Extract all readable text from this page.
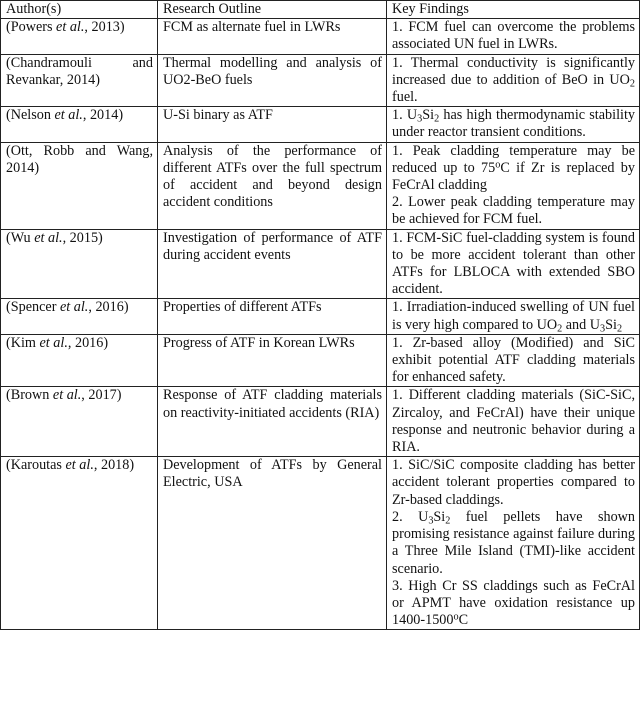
Author(s)	Research Outline	Key Findings
(Powers et al., 2013)	FCM as alternate fuel in LWRs	1. FCM fuel can overcome the problems associated UN fuel in LWRs.

(Chandramouli and Revankar, 2014)	Thermal modelling and analysis of UO2-BeO fuels	1. Thermal conductivity is significantly increased due to addition of BeO in $UO_2$ fuel.

(Nelson et al., 2014)	U-Si binary as ATF	1. $U_3Si_2$ has high thermodynamic stability under reactor transient conditions.

(Ott, Robb and Wang, 2014)	Analysis of the performance of different ATFs over the full spectrum of accident and beyond design accident conditions	1. Peak cladding temperature may be reduced up to 75$^o$C if Zr is replaced by FeCrAl cladding
2. Lower peak cladding temperature may be achieved for FCM fuel.

(Wu et al., 2015)	Investigation of performance of ATF during accident events	1. FCM-SiC fuel-cladding system is found to be more accident tolerant than other ATFs for LBLOCA with extended SBO accident.

(Spencer et al., 2016)	Properties of different ATFs	1. Irradiation-induced swelling of UN fuel is very high compared to $UO_2$ and $U_3Si_2$

(Kim et al., 2016)	Progress of ATF in Korean LWRs	1. Zr-based alloy (Modified) and SiC exhibit potential ATF cladding materials for enhanced safety.

(Brown et al., 2017)	Response of ATF cladding materials on reactivity-initiated accidents (RIA)	1. Different cladding materials (SiC-SiC, Zircaloy, and FeCrAl) have their unique response and neutronic behavior during a RIA.

(Karoutas et al., 2018)	Development of ATFs by General Electric, USA	1. SiC/SiC composite cladding has better accident tolerant properties compared to Zr-based claddings.
2. $U_3Si_2$ fuel pellets have shown promising resistance against failure during a Three Mile Island (TMI)-like accident scenario.
3. High Cr SS claddings such as FeCrAl or APMT have oxidation resistance up 1400-1500$^o$C
